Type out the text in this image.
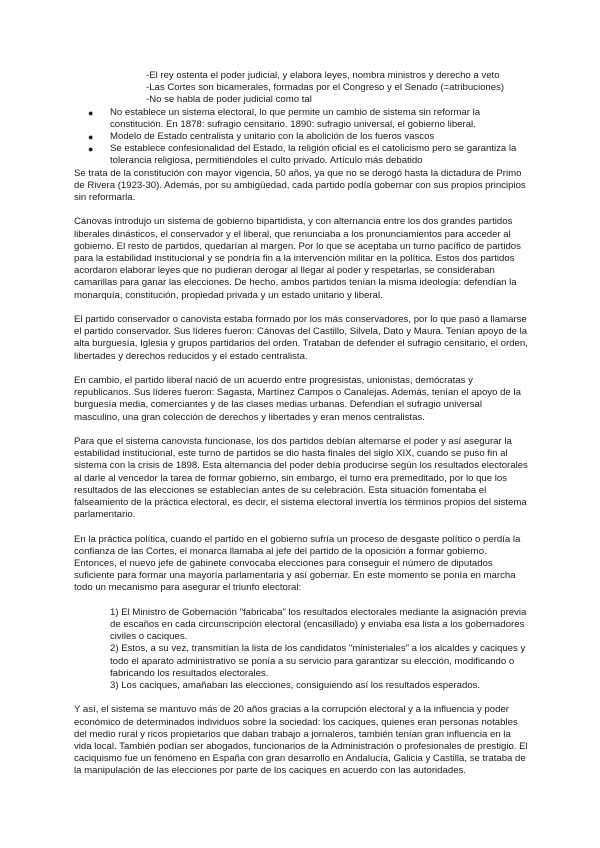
-El rey ostenta el poder judicial, y elabora leyes, nombra ministros y derecho a veto
-Las Cortes son bicamerales, formadas por el Congreso y el Senado (=atribuciones)
-No se habla de poder judicial como tal
● No establece un sistema electoral, lo que permite un cambio de sistema sin reformar la constitución. En 1878: sufragio censitario. 1890: sufragio universal, el gobierno liberal.
● Modelo de Estado centralista y unitario con la abolición de los fueros vascos
● Se establece confesionalidad del Estado, la religión oficial es el catolicismo pero se garantiza la tolerancia religiosa, permitiéndoles el culto privado. Artículo más debatido

Se trata de la constitución con mayor vigencia, 50 años, ya que no se derogó hasta la dictadura de Primo de Rivera (1923-30). Además, por su ambigüedad, cada partido podía gobernar con sus propios principios sin reformarla.

Cánovas introdujo un sistema de gobierno bipartidista, y con alternancia entre los dos grandes partidos liberales dinásticos, el conservador y el liberal, que renunciaba a los pronunciamientos para acceder al gobierno. El resto de partidos, quedarían al margen. Por lo que se aceptaba un turno pacífico de partidos para la estabilidad institucional y se pondría fin a la intervención militar en la política. Estos dos partidos acordaron elaborar leyes que no pudieran derogar al llegar al poder y respetarlas, se consideraban camarillas para ganar las elecciones. De hecho, ambos partidos tenían la misma ideología: defendían la monarquía, constitución, propiedad privada y un estado unitario y liberal.

El partido conservador o canovista estaba formado por los más conservadores, por lo que pasó a llamarse el partido conservador. Sus líderes fueron: Cánovas del Castillo, Silvela, Dato y Maura. Tenían apoyo de la alta burguesía, Iglesia y grupos partidarios del orden. Trataban de defender el sufragio censitario, el orden, libertades y derechos reducidos y el estado centralista.

En cambio, el partido liberal nació de un acuerdo entre progresistas, unionistas, demócratas y republicanos. Sus líderes fueron: Sagasta, Martínez Campos o Canalejas. Además, tenían el apoyo de la burguesía media, comerciantes y de las clases medias urbanas. Defendían el sufragio universal masculino, una gran colección de derechos y libertades y eran menos centralistas.

Para que el sistema canovista funcionase, los dos partidos debían alternarse el poder y así asegurar la estabilidad institucional, este turno de partidos se dio hasta finales del siglo XIX, cuando se puso fin al sistema con la crisis de 1898. Esta alternancia del poder debía producirse según los resultados electorales al darle al vencedor la tarea de formar gobierno, sin embargo, el turno era premeditado, por lo que los resultados de las elecciones se establecían antes de su celebración. Esta situación fomentaba el falseamiento de la práctica electoral, es decir, el sistema electoral invertía los términos propios del sistema parlamentario.

En la práctica política, cuando el partido en el gobierno sufría un proceso de desgaste político o perdía la confianza de las Cortes, el monarca llamaba al jefe del partido de la oposición a formar gobierno. Entonces, el nuevo jefe de gabinete convocaba elecciones para conseguir el número de diputados suficiente para formar una mayoría parlamentaria y así gobernar. En este momento se ponía en marcha todo un mecanismo para asegurar el triunfo electoral:

1) El Ministro de Gobernación "fabricaba" los resultados electorales mediante la asignación previa de escaños en cada circunscripción electoral (encasillado) y enviaba esa lista a los gobernadores civiles o caciques.
2) Estos, a su vez, transmitían la lista de los candidatos "ministeriales" a los alcaldes y caciques y todo el aparato administrativo se ponía a su servicio para garantizar su elección, modificando o fabricando los resultados electorales.
3) Los caciques, amañaban las elecciones, consiguiendo así los resultados esperados.

Y así, el sistema se mantuvo más de 20 años gracias a la corrupción electoral y a la influencia y poder económico de determinados individuos sobre la sociedad: los caciques, quienes eran personas notables del medio rural y ricos propietarios que daban trabajo a jornaleros, también tenían gran influencia en la vida local. También podían ser abogados, funcionarios de la Administración o profesionales de prestigio. El caciquismo fue un fenómeno en España con gran desarrollo en Andalucía, Galicia y Castilla, se trataba de la manipulación de las elecciones por parte de los caciques en acuerdo con las autoridades.
